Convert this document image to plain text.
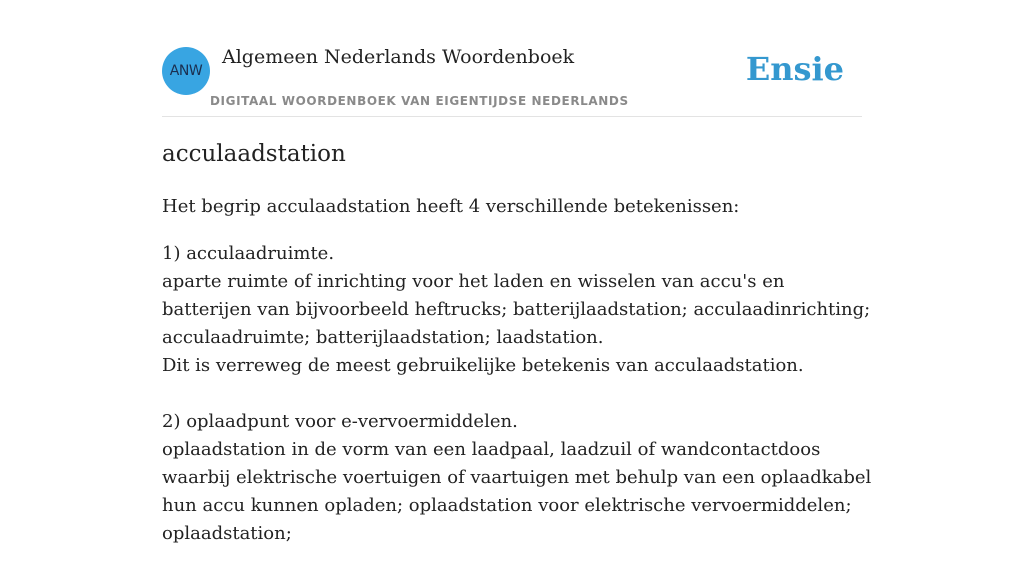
ANW
Algemeen Nederlands Woordenboek
DIGITAAL WOORDENBOEK VAN EIGENTIJDSE NEDERLANDS
Ensie
acculaadstation

Het begrip acculaadstation heeft 4 verschillende betekenissen:

1) acculaadruimte.

aparte ruimte of inrichting voor het laden en wisselen van accu's en batterijen van bijvoorbeeld heftrucks; batterijlaadstation; acculaadinrichting; acculaadruimte; batterijlaadstation; laadstation.

Dit is verreweg de meest gebruikelijke betekenis van acculaadstation.

2) oplaadpunt voor e-vervoermiddelen.

oplaadstation in de vorm van een laadpaal, laadzuil of wandcontactdoos waarbij elektrische voertuigen of vaartuigen met behulp van een oplaadkabel hun accu kunnen opladen; oplaadstation voor elektrische vervoermiddelen; oplaadstation;
